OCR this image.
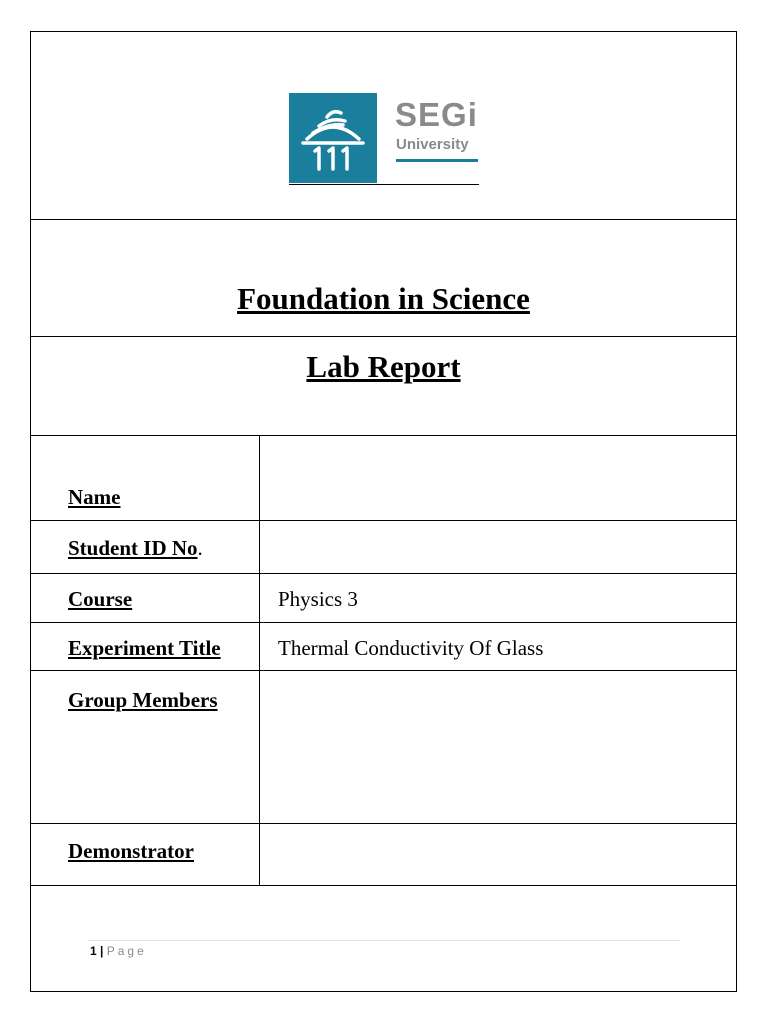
SEGi
University
Foundation in Science
Lab Report
Name
Student ID No.
Course	Physics 3
Experiment Title	Thermal Conductivity Of Glass
Group Members
Demonstrator
1 | Page
